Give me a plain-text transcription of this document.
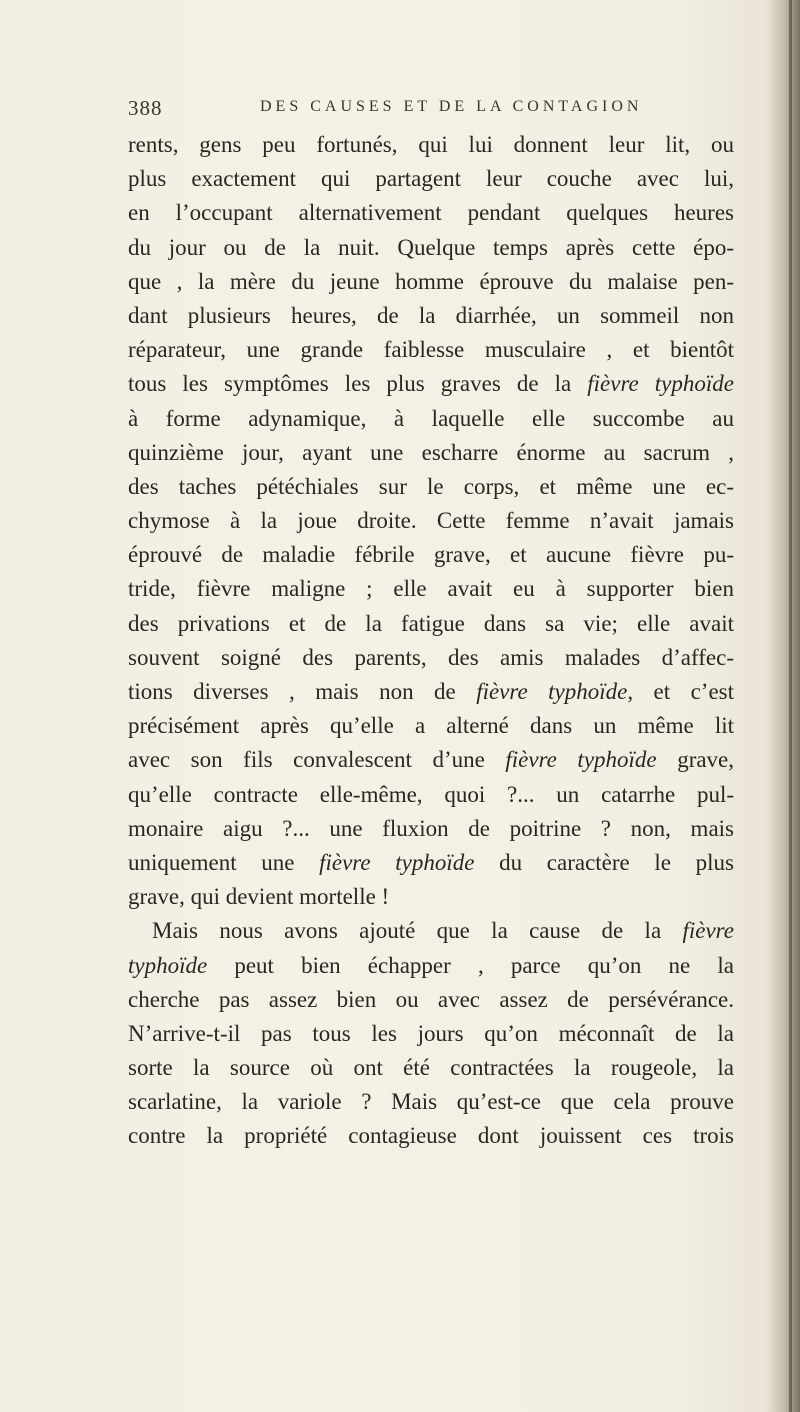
388	DES CAUSES ET DE LA CONTAGION
rents, gens peu fortunés, qui lui donnent leur lit, ou
plus exactement qui partagent leur couche avec lui,
en l’occupant alternativement pendant quelques heures
du jour ou de la nuit. Quelque temps après cette épo-
que , la mère du jeune homme éprouve du malaise pen-
dant plusieurs heures, de la diarrhée, un sommeil non
réparateur, une grande faiblesse musculaire , et bientôt
tous les symptômes les plus graves de la fièvre typhoïde
à forme adynamique, à laquelle elle succombe au
quinzième jour, ayant une escharre énorme au sacrum ,
des taches pétéchiales sur le corps, et même une ec-
chymose à la joue droite. Cette femme n’avait jamais
éprouvé de maladie fébrile grave, et aucune fièvre pu-
tride, fièvre maligne ; elle avait eu à supporter bien
des privations et de la fatigue dans sa vie; elle avait
souvent soigné des parents, des amis malades d’affec-
tions diverses , mais non de fièvre typhoïde, et c’est
précisément après qu’elle a alterné dans un même lit
avec son fils convalescent d’une fièvre typhoïde grave,
qu’elle contracte elle-même, quoi ?... un catarrhe pul-
monaire aigu ?... une fluxion de poitrine ? non, mais
uniquement une fièvre typhoïde du caractère le plus
grave, qui devient mortelle !
Mais nous avons ajouté que la cause de la fièvre
typhoïde peut bien échapper , parce qu’on ne la
cherche pas assez bien ou avec assez de persévérance.
N’arrive-t-il pas tous les jours qu’on méconnaît de la
sorte la source où ont été contractées la rougeole, la
scarlatine, la variole ? Mais qu’est-ce que cela prouve
contre la propriété contagieuse dont jouissent ces trois
